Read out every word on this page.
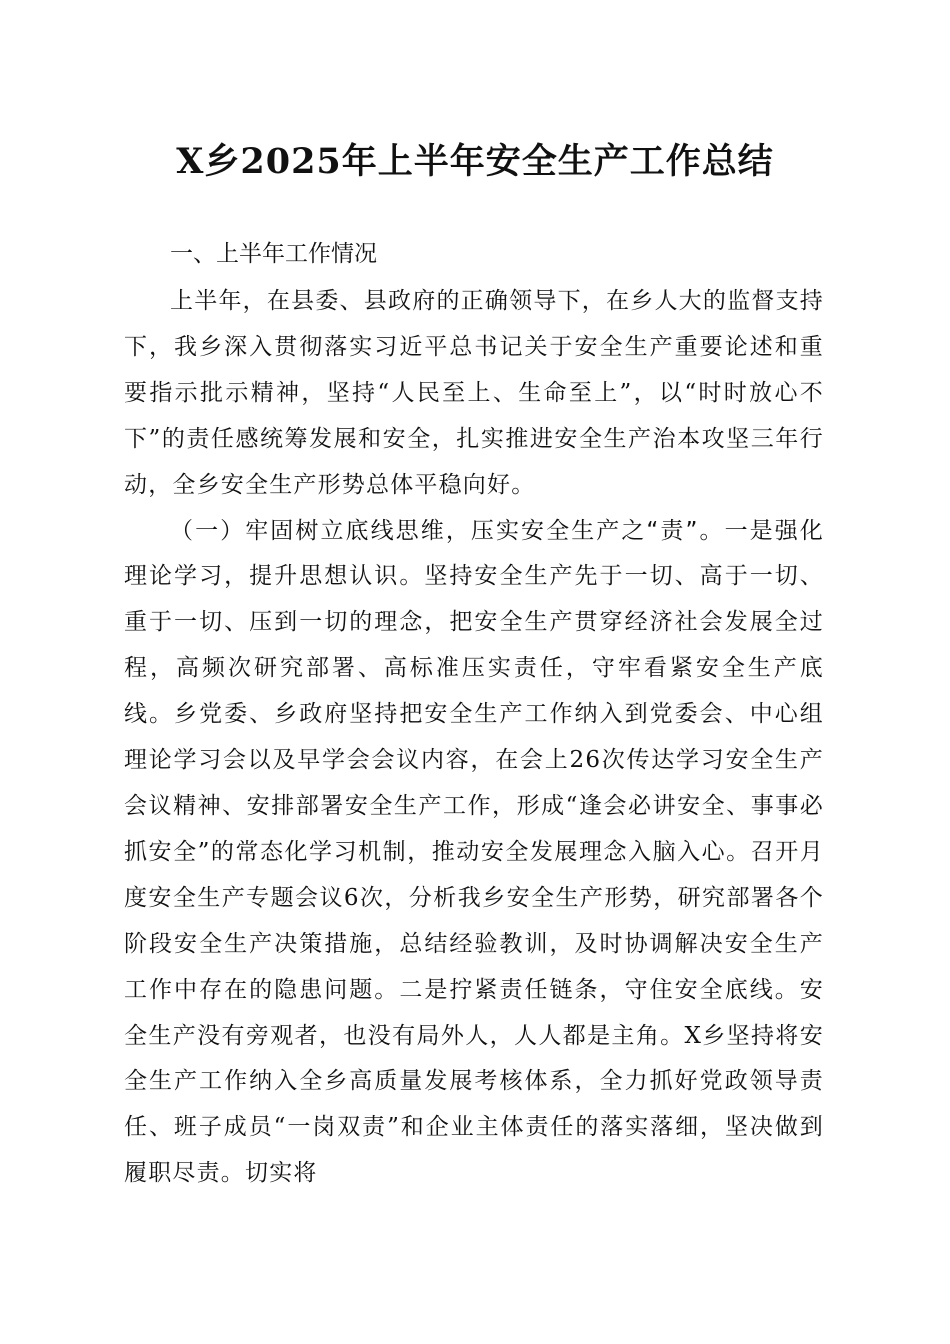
X乡2025年上半年安全生产工作总结
一、上半年工作情况

上半年，在县委、县政府的正确领导下，在乡人大的监督支持下，我乡深入贯彻落实习近平总书记关于安全生产重要论述和重要指示批示精神，坚持“人民至上、生命至上”，以“时时放心不下”的责任感统筹发展和安全，扎实推进安全生产治本攻坚三年行动，全乡安全生产形势总体平稳向好。

（一）牢固树立底线思维，压实安全生产之“责”。一是强化理论学习，提升思想认识。坚持安全生产先于一切、高于一切、重于一切、压到一切的理念，把安全生产贯穿经济社会发展全过程，高频次研究部署、高标准压实责任，守牢看紧安全生产底线。乡党委、乡政府坚持把安全生产工作纳入到党委会、中心组理论学习会以及早学会会议内容，在会上26次传达学习安全生产会议精神、安排部署安全生产工作，形成“逢会必讲安全、事事必抓安全”的常态化学习机制，推动安全发展理念入脑入心。召开月度安全生产专题会议6次，分析我乡安全生产形势，研究部署各个阶段安全生产决策措施，总结经验教训，及时协调解决安全生产工作中存在的隐患问题。二是拧紧责任链条，守住安全底线。安全生产没有旁观者，也没有局外人，人人都是主角。X乡坚持将安全生产工作纳入全乡高质量发展考核体系，全力抓好党政领导责任、班子成员“一岗双责”和企业主体责任的落实落细，坚决做到履职尽责。切实将
